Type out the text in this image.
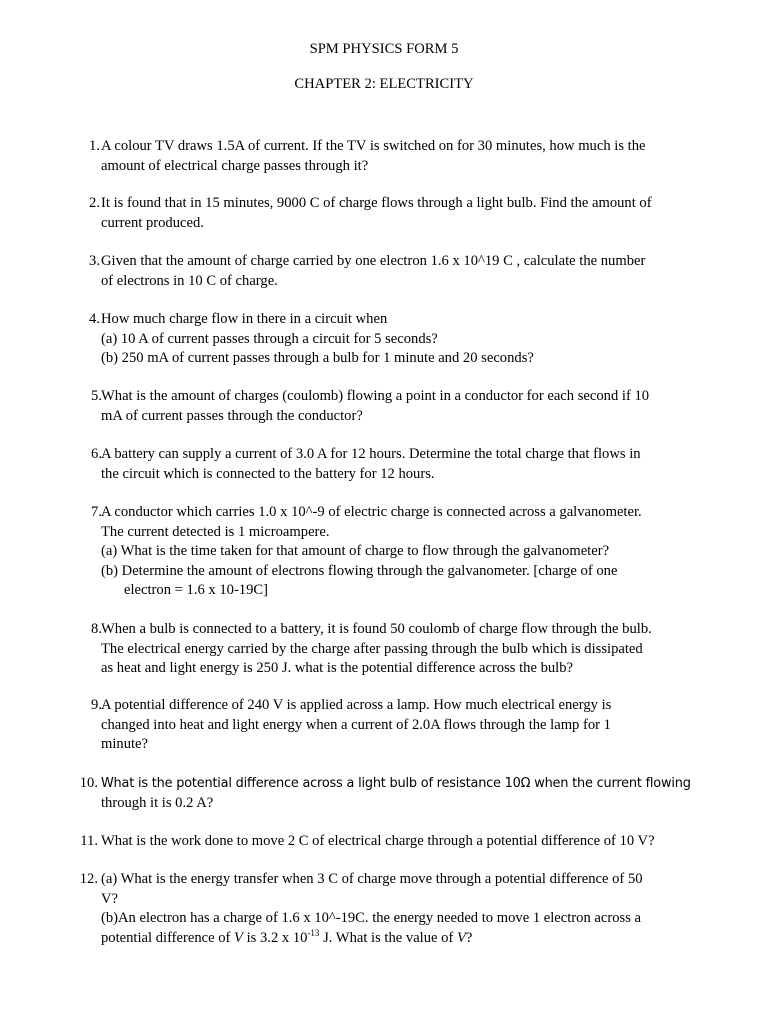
SPM PHYSICS FORM 5
CHAPTER 2: ELECTRICITY
1. A colour TV draws 1.5A of current. If the TV is switched on for 30 minutes, how much is the
amount of electrical charge passes through it?
2. It is found that in 15 minutes, 9000 C of charge flows through a light bulb. Find the amount of
current produced.
3. Given that the amount of charge carried by one electron 1.6 x 10^19 C , calculate the number
of electrons in 10 C of charge.
4. How much charge flow in there in a circuit when
(a) 10 A of current passes through a circuit for 5 seconds?
(b) 250 mA of current passes through a bulb for 1 minute and 20 seconds?
5. What is the amount of charges (coulomb) flowing a point in a conductor for each second if 10
mA of current passes through the conductor?
6. A battery can supply a current of 3.0 A for 12 hours. Determine the total charge that flows in
the circuit which is connected to the battery for 12 hours.
7. A conductor which carries 1.0 x 10^-9 of electric charge is connected across a galvanometer.
The current detected is 1 microampere.
(a) What is the time taken for that amount of charge to flow through the galvanometer?
(b) Determine the amount of electrons flowing through the galvanometer. [charge of one
electron = 1.6 x 10-19C]
8. When a bulb is connected to a battery, it is found 50 coulomb of charge flow through the bulb.
The electrical energy carried by the charge after passing through the bulb which is dissipated
as heat and light energy is 250 J. what is the potential difference across the bulb?
9. A potential difference of 240 V is applied across a lamp. How much electrical energy is
changed into heat and light energy when a current of 2.0A flows through the lamp for 1
minute?
10. What is the potential difference across a light bulb of resistance 10Ω when the current flowing
through it is 0.2 A?
11. What is the work done to move 2 C of electrical charge through a potential difference of 10 V?
12. (a) What is the energy transfer when 3 C of charge move through a potential difference of 50
V?
(b)An electron has a charge of 1.6 x 10^-19C. the energy needed to move 1 electron across a
potential difference of V is 3.2 x $10^{-13}$ J. What is the value of V?
